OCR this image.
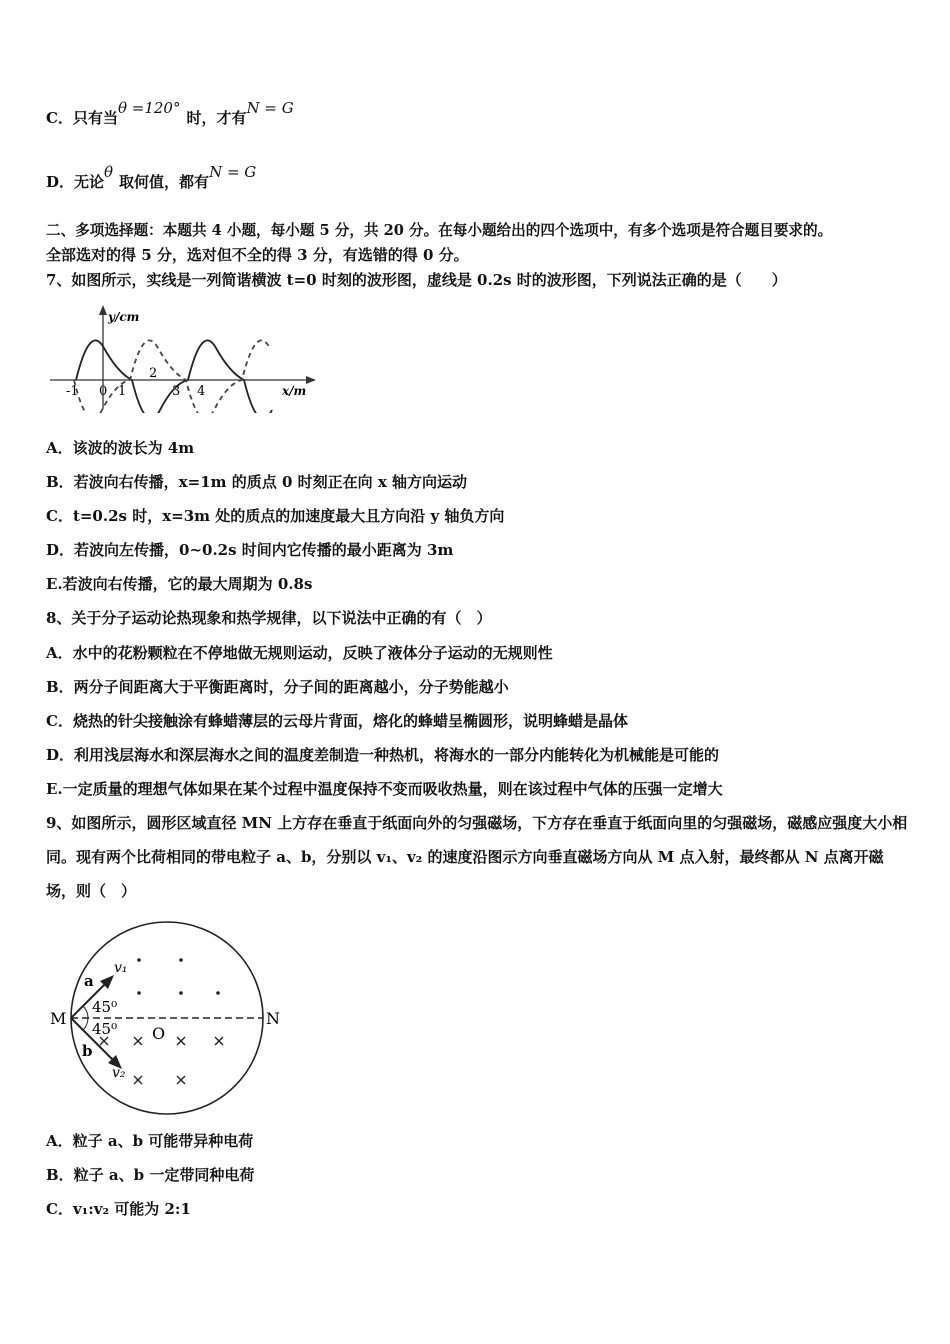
C．只有当θ =120°时，才有N = G
D．无论θ取何值，都有N = G
二、多项选择题：本题共 4 小题，每小题 5 分，共 20 分。在每小题给出的四个选项中，有多个选项是符合题目要求的。
全部选对的得 5 分，选对但不全的得 3 分，有选错的得 0 分。
7、如图所示，实线是一列简谐横波 t=0 时刻的波形图，虚线是 0.2s 时的波形图，下列说法正确的是（　　）
y/cm
x/m
-1 0 1
2
3 4
A．该波的波长为 4m
B．若波向右传播，x=1m 的质点 0 时刻正在向 x 轴方向运动
C．t=0.2s 时，x=3m 处的质点的加速度最大且方向沿 y 轴负方向
D．若波向左传播，0~0.2s 时间内它传播的最小距离为 3m
E.若波向右传播，它的最大周期为 0.8s
8、关于分子运动论热现象和热学规律，以下说法中正确的有（　）
A．水中的花粉颗粒在不停地做无规则运动，反映了液体分子运动的无规则性
B．两分子间距离大于平衡距离时，分子间的距离越小，分子势能越小
C．烧热的针尖接触涂有蜂蜡薄层的云母片背面，熔化的蜂蜡呈椭圆形，说明蜂蜡是晶体
D．利用浅层海水和深层海水之间的温度差制造一种热机，将海水的一部分内能转化为机械能是可能的
E.一定质量的理想气体如果在某个过程中温度保持不变而吸收热量，则在该过程中气体的压强一定增大
9、如图所示，圆形区域直径 MN 上方存在垂直于纸面向外的匀强磁场，下方存在垂直于纸面向里的匀强磁场，磁感应强度大小相同。现有两个比荷相同的带电粒子 a、b，分别以 v₁、v₂ 的速度沿图示方向垂直磁场方向从 M 点入射，最终都从 N 点离开磁场，则（　）
M	N
O
a
b
v₁
v₂
45⁰
45⁰
A．粒子 a、b 可能带异种电荷
B．粒子 a、b 一定带同种电荷
C．v₁:v₂ 可能为 2:1
